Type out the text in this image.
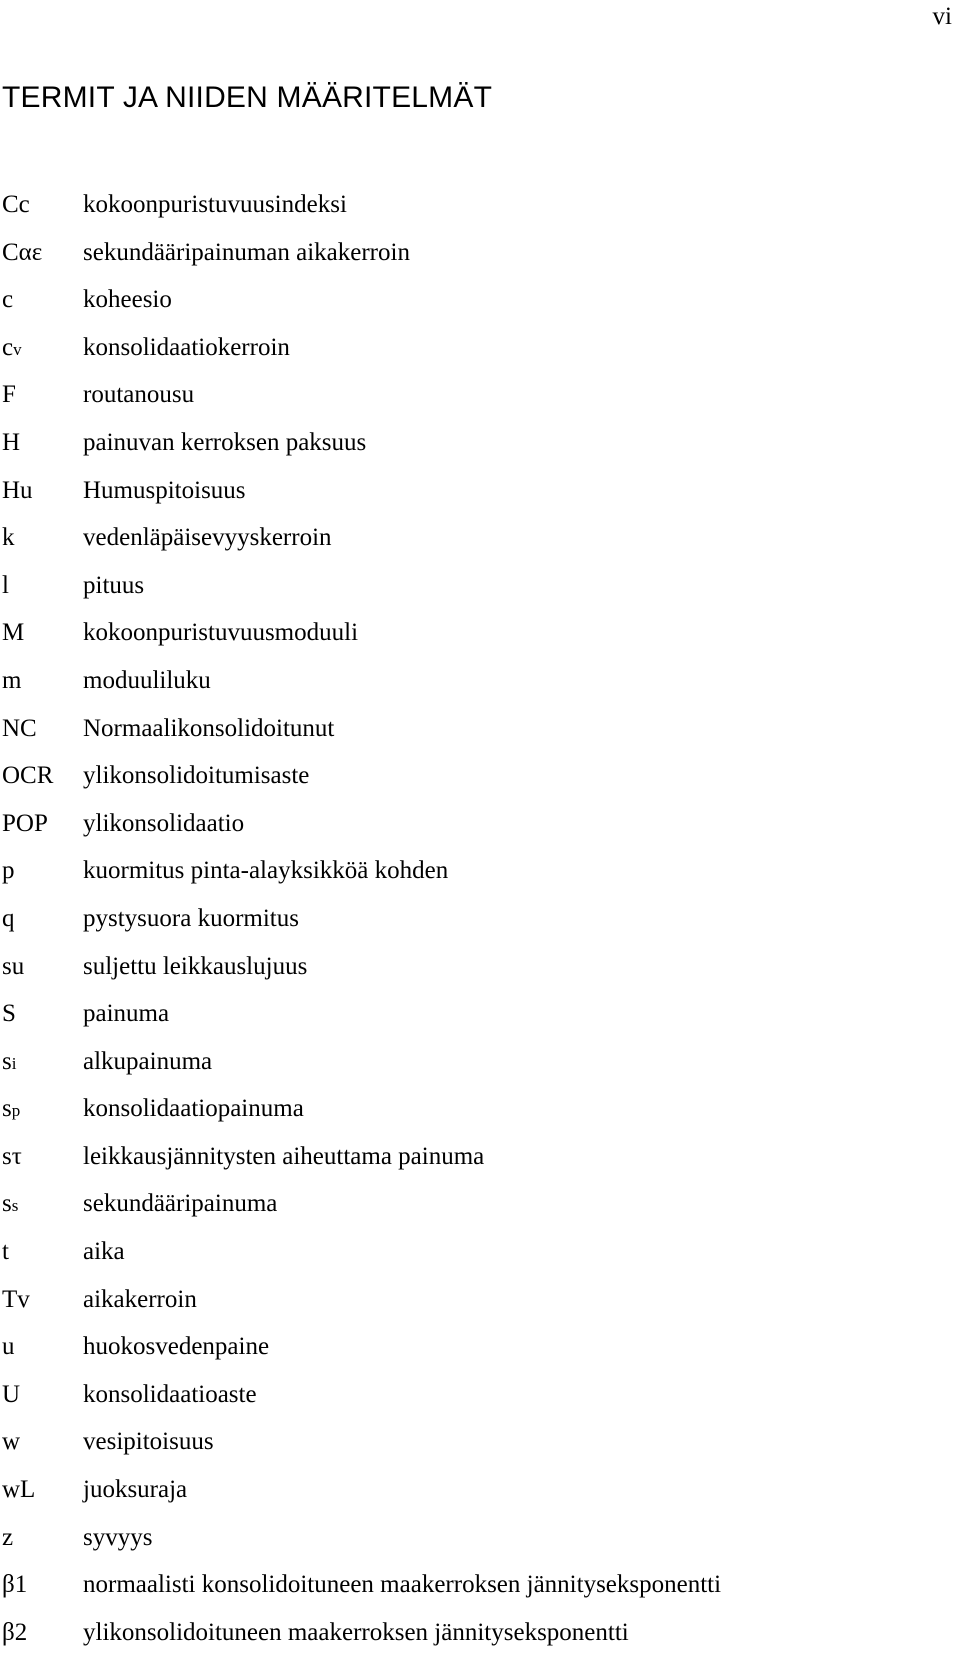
vi
TERMIT JA NIIDEN MÄÄRITELMÄT
Cc kokoonpuristuvuusindeksi
Cαε sekundääripainuman aikakerroin
c	koheesio
cv konsolidaatiokerroin
F	routanousu
H	painuvan kerroksen paksuus
Hu Humuspitoisuus
k	vedenläpäisevyyskerroin
l	pituus
M kokoonpuristuvuusmoduuli
m moduuliluku
NC Normaalikonsolidoitunut
OCR ylikonsolidoitumisaste
POP ylikonsolidaatio
p	kuormitus pinta-alayksikköä kohden
q	pystysuora kuormitus
su suljettu leikkauslujuus
S	painuma
si	alkupainuma
sp	konsolidaatiopainuma
sτ leikkausjännitysten aiheuttama painuma
ss	sekundääripainuma
t	aika
Tv aikakerroin
u	huokosvedenpaine
U	konsolidaatioaste
w	vesipitoisuus
wL juoksuraja
z	syvyys
β1 normaalisti konsolidoituneen maakerroksen jännityseksponentti
β2 ylikonsolidoituneen maakerroksen jännityseksponentti
